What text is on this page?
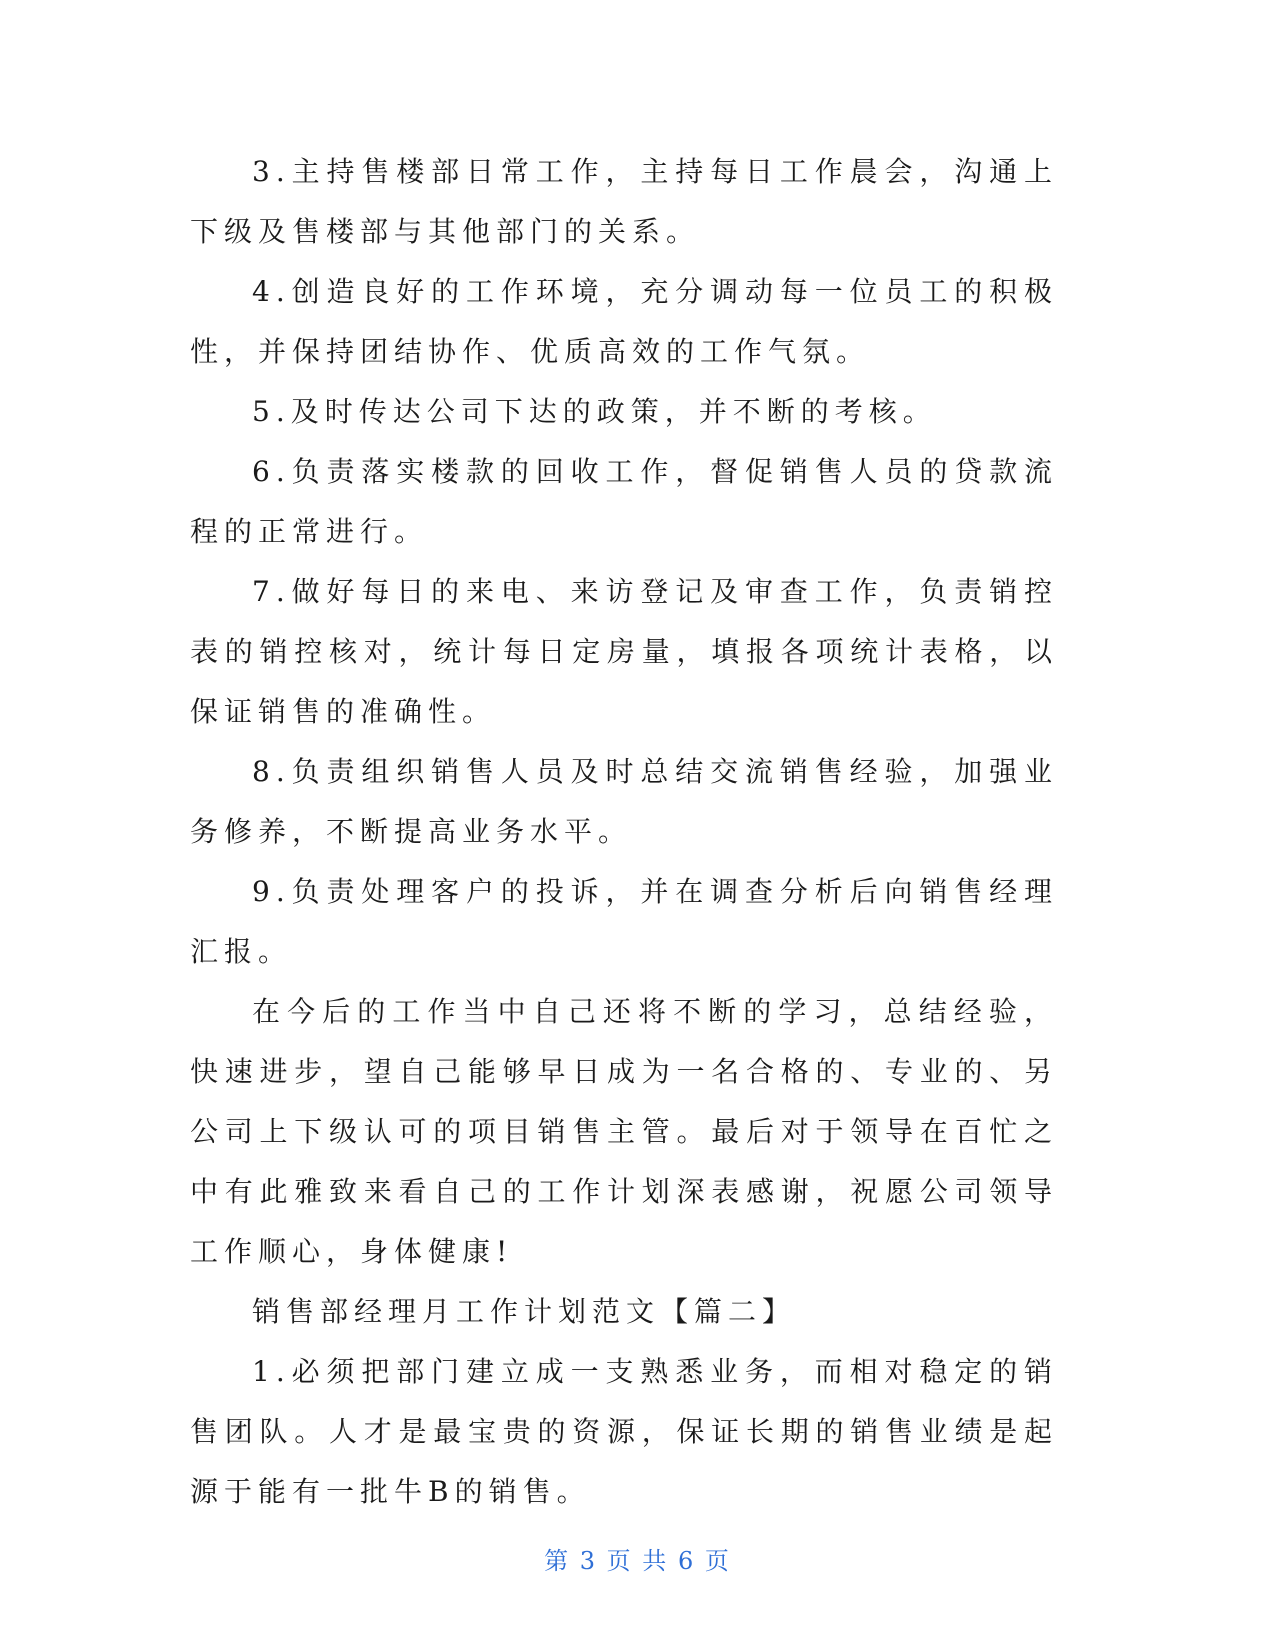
3.主持售楼部日常工作，主持每日工作晨会，沟通上下级及售楼部与其他部门的关系。

4.创造良好的工作环境，充分调动每一位员工的积极性，并保持团结协作、优质高效的工作气氛。

5.及时传达公司下达的政策，并不断的考核。

6.负责落实楼款的回收工作，督促销售人员的贷款流程的正常进行。

7.做好每日的来电、来访登记及审查工作，负责销控表的销控核对，统计每日定房量，填报各项统计表格，以保证销售的准确性。

8.负责组织销售人员及时总结交流销售经验，加强业务修养，不断提高业务水平。

9.负责处理客户的投诉，并在调查分析后向销售经理汇报。

在今后的工作当中自己还将不断的学习，总结经验，快速进步，望自己能够早日成为一名合格的、专业的、另公司上下级认可的项目销售主管。最后对于领导在百忙之中有此雅致来看自己的工作计划深表感谢，祝愿公司领导工作顺心，身体健康!

销售部经理月工作计划范文【篇二】

1.必须把部门建立成一支熟悉业务，而相对稳定的销售团队。人才是最宝贵的资源，保证长期的销售业绩是起源于能有一批牛B的销售。

第 3 页 共 6 页
